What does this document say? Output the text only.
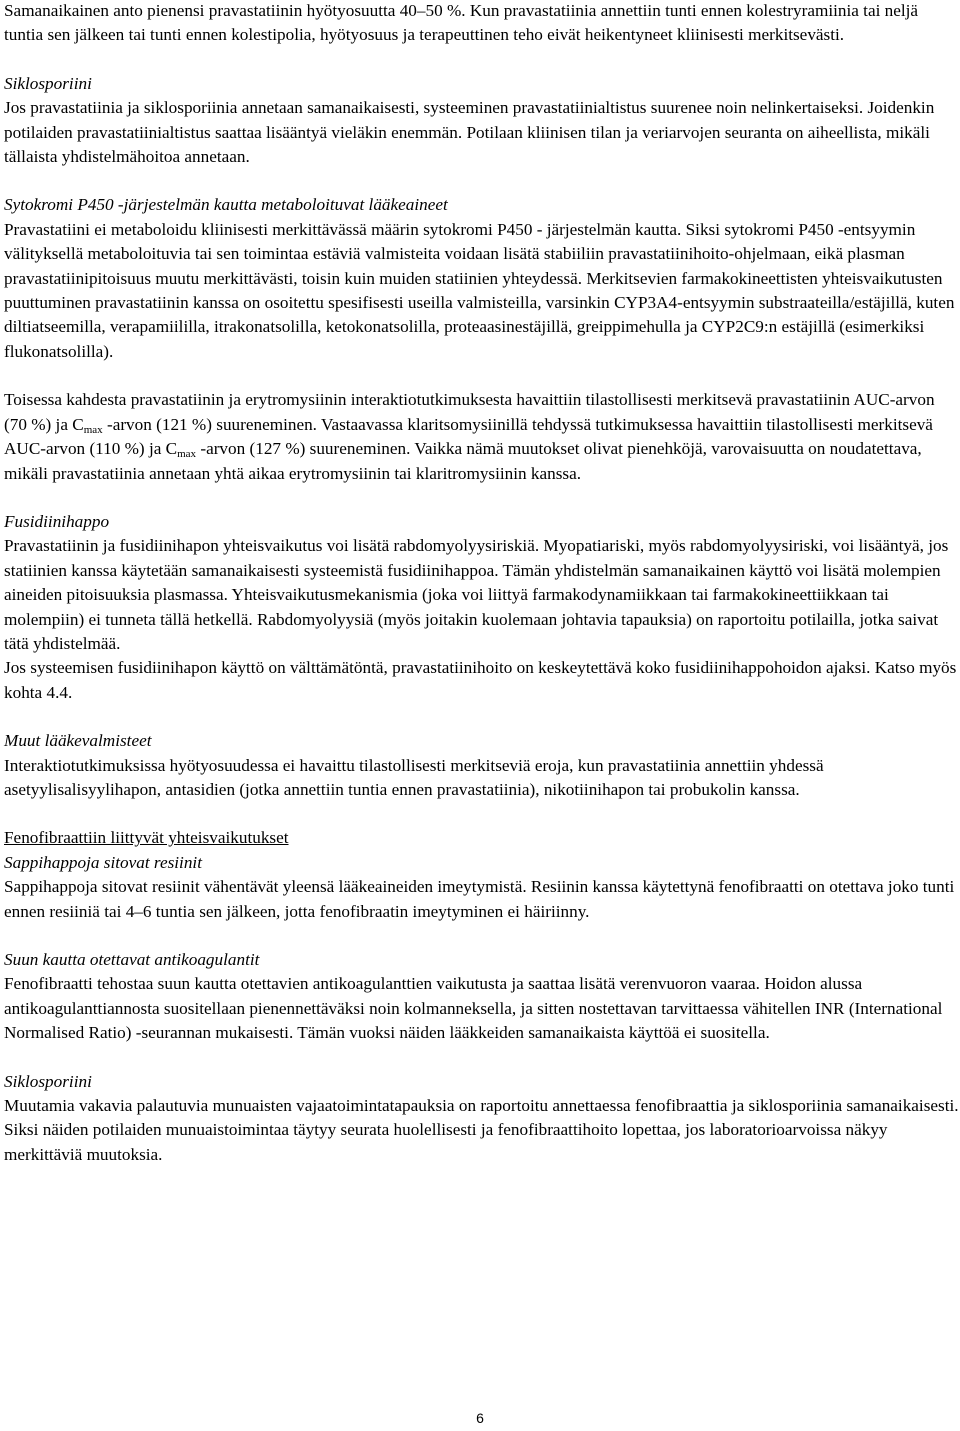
Samanaikainen anto pienensi pravastatiinin hyötyosuutta 40–50 %. Kun pravastatiinia annettiin tunti ennen kolestryramiinia tai neljä tuntia sen jälkeen tai tunti ennen kolestipolia, hyötyosuus ja terapeuttinen teho eivät heikentyneet kliinisesti merkitsevästi.

Siklosporiini

Jos pravastatiinia ja siklosporiinia annetaan samanaikaisesti, systeeminen pravastatiinialtistus suurenee noin nelinkertaiseksi. Joidenkin potilaiden pravastatiinialtistus saattaa lisääntyä vieläkin enemmän. Potilaan kliinisen tilan ja veriarvojen seuranta on aiheellista, mikäli tällaista yhdistelmähoitoa annetaan.

Sytokromi P450 -järjestelmän kautta metaboloituvat lääkeaineet

Pravastatiini ei metaboloidu kliinisesti merkittävässä määrin sytokromi P450 - järjestelmän kautta. Siksi sytokromi P450 -entsyymin välityksellä metaboloituvia tai sen toimintaa estäviä valmisteita voidaan lisätä stabiiliin pravastatiinihoito-ohjelmaan, eikä plasman pravastatiinipitoisuus muutu merkittävästi, toisin kuin muiden statiinien yhteydessä. Merkitsevien farmakokineettisten yhteisvaikutusten puuttuminen pravastatiinin kanssa on osoitettu spesifisesti useilla valmisteilla, varsinkin CYP3A4-entsyymin substraateilla/estäjillä, kuten diltiatseemilla, verapamiililla, itrakonatsolilla, ketokonatsolilla, proteaasinestäjillä, greippimehulla ja CYP2C9:n estäjillä (esimerkiksi flukonatsolilla).

Toisessa kahdesta pravastatiinin ja erytromysiinin interaktiotutkimuksesta havaittiin tilastollisesti merkitsevä pravastatiinin AUC-arvon (70 %) ja $C_{max}$ -arvon (121 %) suureneminen. Vastaavassa klaritsomysiinillä tehdyssä tutkimuksessa havaittiin tilastollisesti merkitsevä AUC-arvon (110 %) ja $C_{max}$ -arvon (127 %) suureneminen. Vaikka nämä muutokset olivat pienehköjä, varovaisuutta on noudatettava, mikäli pravastatiinia annetaan yhtä aikaa erytromysiinin tai klaritromysiinin kanssa.

Fusidiinihappo

Pravastatiinin ja fusidiinihapon yhteisvaikutus voi lisätä rabdomyolyysiriskiä. Myopatiariski, myös rabdomyolyysiriski, voi lisääntyä, jos statiinien kanssa käytetään samanaikaisesti systeemistä fusidiinihappoa. Tämän yhdistelmän samanaikainen käyttö voi lisätä molempien aineiden pitoisuuksia plasmassa. Yhteisvaikutusmekanismia (joka voi liittyä farmakodynamiikkaan tai farmakokineettiikkaan tai molempiin) ei tunneta tällä hetkellä. Rabdomyolyysiä (myös joitakin kuolemaan johtavia tapauksia) on raportoitu potilailla, jotka saivat tätä yhdistelmää.

Jos systeemisen fusidiinihapon käyttö on välttämätöntä, pravastatiinihoito on keskeytettävä koko fusidiinihappohoidon ajaksi. Katso myös kohta 4.4.

Muut lääkevalmisteet

Interaktiotutkimuksissa hyötyosuudessa ei havaittu tilastollisesti merkitseviä eroja, kun pravastatiinia annettiin yhdessä asetyylisalisyylihapon, antasidien (jotka annettiin tuntia ennen pravastatiinia), nikotiinihapon tai probukolin kanssa.

Fenofibraattiin liittyvät yhteisvaikutukset

Sappihappoja sitovat resiinit

Sappihappoja sitovat resiinit vähentävät yleensä lääkeaineiden imeytymistä. Resiinin kanssa käytettynä fenofibraatti on otettava joko tunti ennen resiiniä tai 4–6 tuntia sen jälkeen, jotta fenofibraatin imeytyminen ei häiriinny.

Suun kautta otettavat antikoagulantit

Fenofibraatti tehostaa suun kautta otettavien antikoagulanttien vaikutusta ja saattaa lisätä verenvuoron vaaraa. Hoidon alussa antikoagulanttiannosta suositellaan pienennettäväksi noin kolmanneksella, ja sitten nostettavan tarvittaessa vähitellen INR (International Normalised Ratio) -seurannan mukaisesti. Tämän vuoksi näiden lääkkeiden samanaikaista käyttöä ei suositella.

Siklosporiini

Muutamia vakavia palautuvia munuaisten vajaatoimintatapauksia on raportoitu annettaessa fenofibraattia ja siklosporiinia samanaikaisesti. Siksi näiden potilaiden munuaistoimintaa täytyy seurata huolellisesti ja fenofibraattihoito lopettaa, jos laboratorioarvoissa näkyy merkittäviä muutoksia.

6
